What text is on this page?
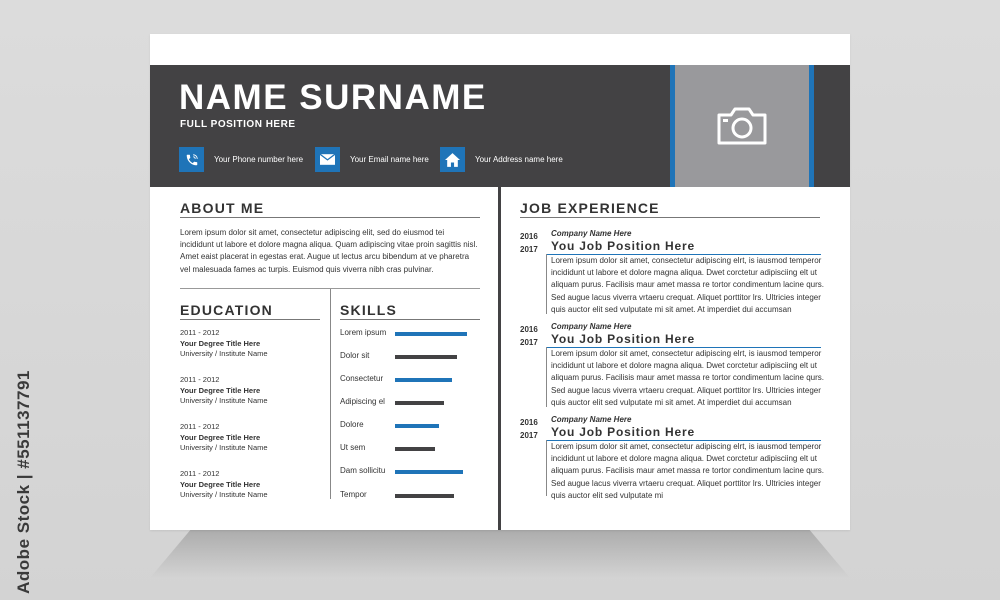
Adobe Stock | #551137791
NAME SURNAME
FULL POSITION HERE
Your Phone number here	Your Email name here	Your Address name here
ABOUT ME
Lorem ipsum dolor sit amet, consectetur adipiscing elit, sed do eiusmod tei incididunt ut labore et dolore magna aliqua. Quam adipiscing vitae proin sagittis nisl. Amet eaist placerat in egestas erat. Augue ut lectus arcu bibendum at ve pharetra vel malesuada fames ac turpis. Euismod quis viverra nibh cras pulvinar.
EDUCATION
2011 - 2012
Your Degree Title Here
University / Institute Name
2011 - 2012
Your Degree Title Here
University / Institute Name
2011 - 2012
Your Degree Title Here
University / Institute Name
2011 - 2012
Your Degree Title Here
University / Institute Name
SKILLS
Lorem ipsum
Dolor sit
Consectetur
Adipiscing el
Dolore
Ut sem
Dam sollicitu
Tempor
JOB EXPERIENCE
2016
2017
Company Name Here
You Job Position Here
Lorem ipsum dolor sit amet, consectetur adipiscing elrt, is iausmod temperor incididunt ut labore et dolore magna aliqua. Dwet corctetur adipisciing elt ut aliquam purus. Facilisis maur amet massa re tortor condimentum lacine qurs. Sed augue lacus viverra vrtaeru crequat. Aliquet porttitor lrs. Ultricies integer quis auctor elit sed vulputate mi sit amet. At imperdiet dui accumsan
2016
2017
Company Name Here
You Job Position Here
Lorem ipsum dolor sit amet, consectetur adipiscing elrt, is iausmod temperor incididunt ut labore et dolore magna aliqua. Dwet corctetur adipisciing elt ut aliquam purus. Facilisis maur amet massa re tortor condimentum lacine qurs. Sed augue lacus viverra vrtaeru crequat. Aliquet porttitor lrs. Ultricies integer quis auctor elit sed vulputate mi sit amet. At imperdiet dui accumsan
2016
2017
Company Name Here
You Job Position Here
Lorem ipsum dolor sit amet, consectetur adipiscing elrt, is iausmod temperor incididunt ut labore et dolore magna aliqua. Dwet corctetur adipisciing elt ut aliquam purus. Facilisis maur amet massa re tortor condimentum lacine qurs. Sed augue lacus viverra vrtaeru crequat. Aliquet porttitor lrs. Ultricies integer quis auctor elit sed vulputate mi
